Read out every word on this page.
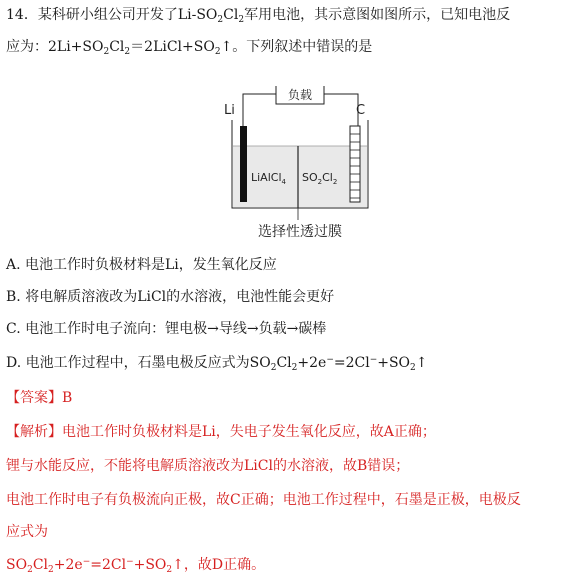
14．某科研小组公司开发了$Li-SO_2Cl_2$军用电池，其示意图如图所示，已知电池反
应为：$2Li+SO_2Cl_2=2LiCl+SO_2↑$。下列叙述中错误的是
负载
Li	C
LiAlCl$_4$ $SO_2Cl_2$
选择性透过膜
A. 电池工作时负极材料是Li，发生氧化反应
B. 将电解质溶液改为LiCl的水溶液，电池性能会更好
C. 电池工作时电子流向：锂电极→导线→负载→碳棒
D. 电池工作过程中，石墨电极反应式为$SO_2Cl_2+2e^-=2Cl^-+SO_2↑$
【答案】B
【解析】电池工作时负极材料是Li，失电子发生氧化反应，故A正确；
锂与水能反应，不能将电解质溶液改为LiCl的水溶液，故B错误；
电池工作时电子有负极流向正极，故C正确；电池工作过程中，石墨是正极，电极反
应式为
$SO_2Cl_2+2e^-=2Cl^-+SO_2↑$，故D正确。
